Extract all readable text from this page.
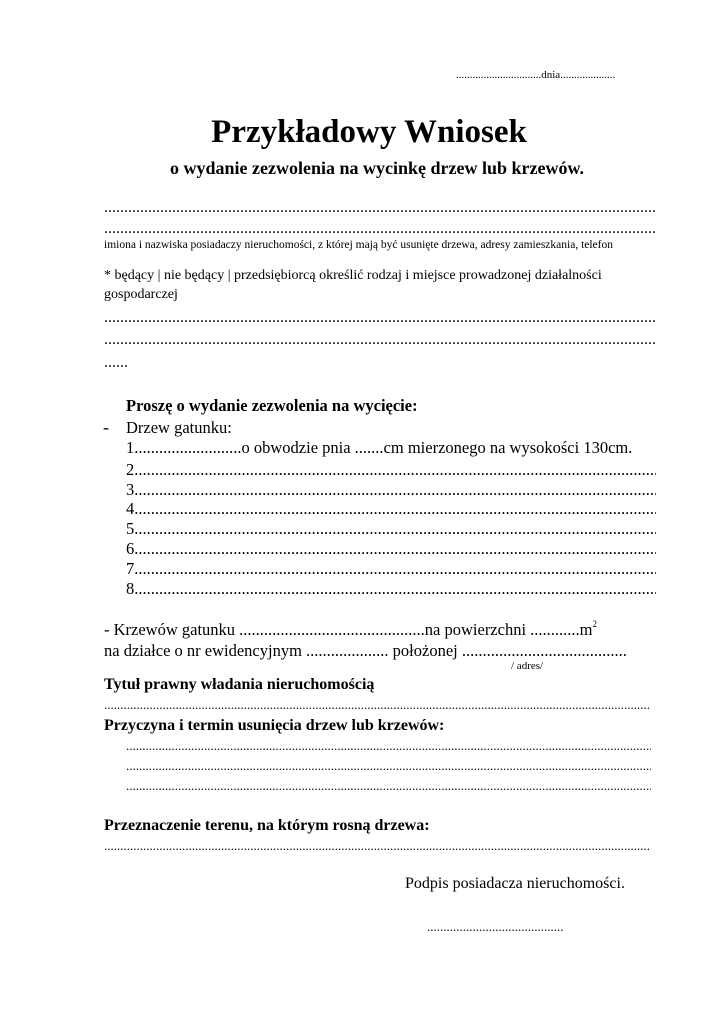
...............................dnia....................
Przykładowy Wniosek
o wydanie zezwolenia na wycinkę drzew lub krzewów.
.....
.....
imiona i nazwiska posiadaczy nieruchomości, z której mają być usunięte drzewa, adresy zamieszkania, telefon
* będący | nie będący | przedsiębiorcą określić rodzaj i miejsce prowadzonej działalności
gospodarczej
.....
.....
......
Proszę o wydanie zezwolenia na wycięcie:
- Drzew gatunku:
1..........................o obwodzie pnia .......cm mierzonego na wysokości 130cm.
2.
.....
3.
.....
4.
.....
5.
.....
6.
.....
7.
.....
8.
.....
- Krzewów gatunku .............................................na powierzchni $............m^2$
na działce o nr ewidencyjnym .................... położonej ........................................
/ adres/
Tytuł prawny władania nieruchomością
.....
Przyczyna i termin usunięcia drzew lub krzewów:
.....
.....
.....
Przeznaczenie terenu, na którym rosną drzewa:
.....
Podpis posiadacza nieruchomości.
..........................................
